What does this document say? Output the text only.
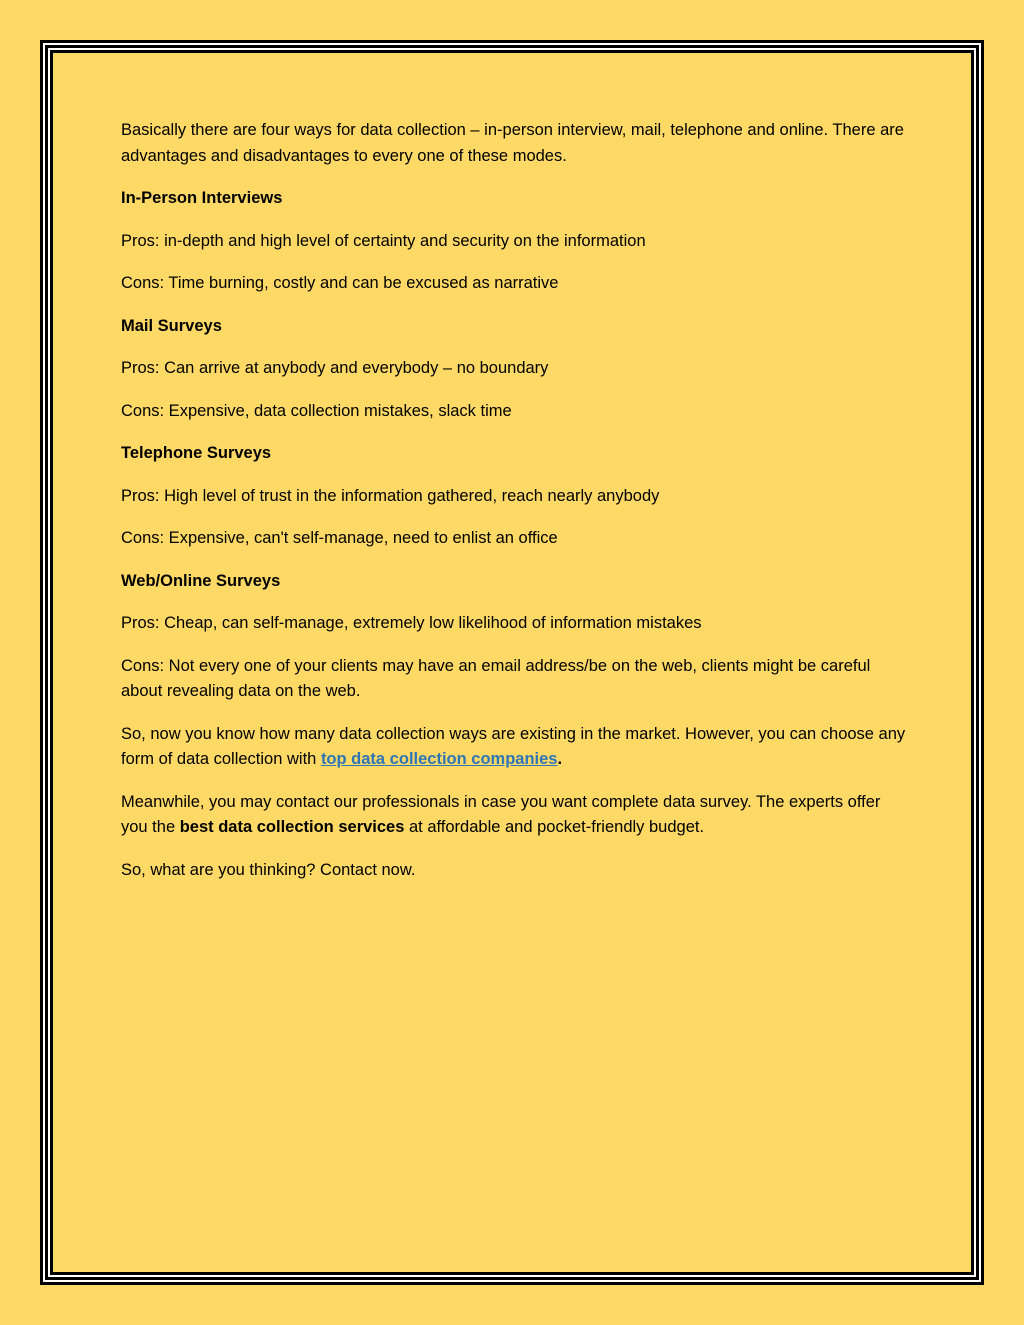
Basically there are four ways for data collection – in-person interview, mail, telephone and online. There are advantages and disadvantages to every one of these modes.

In-Person Interviews

Pros: in-depth and high level of certainty and security on the information

Cons: Time burning, costly and can be excused as narrative

Mail Surveys

Pros: Can arrive at anybody and everybody – no boundary

Cons: Expensive, data collection mistakes, slack time

Telephone Surveys

Pros: High level of trust in the information gathered, reach nearly anybody

Cons: Expensive, can't self-manage, need to enlist an office

Web/Online Surveys

Pros: Cheap, can self-manage, extremely low likelihood of information mistakes

Cons: Not every one of your clients may have an email address/be on the web, clients might be careful about revealing data on the web.

So, now you know how many data collection ways are existing in the market. However, you can choose any form of data collection with top data collection companies.

Meanwhile, you may contact our professionals in case you want complete data survey. The experts offer you the best data collection services at affordable and pocket-friendly budget.

So, what are you thinking? Contact now.
